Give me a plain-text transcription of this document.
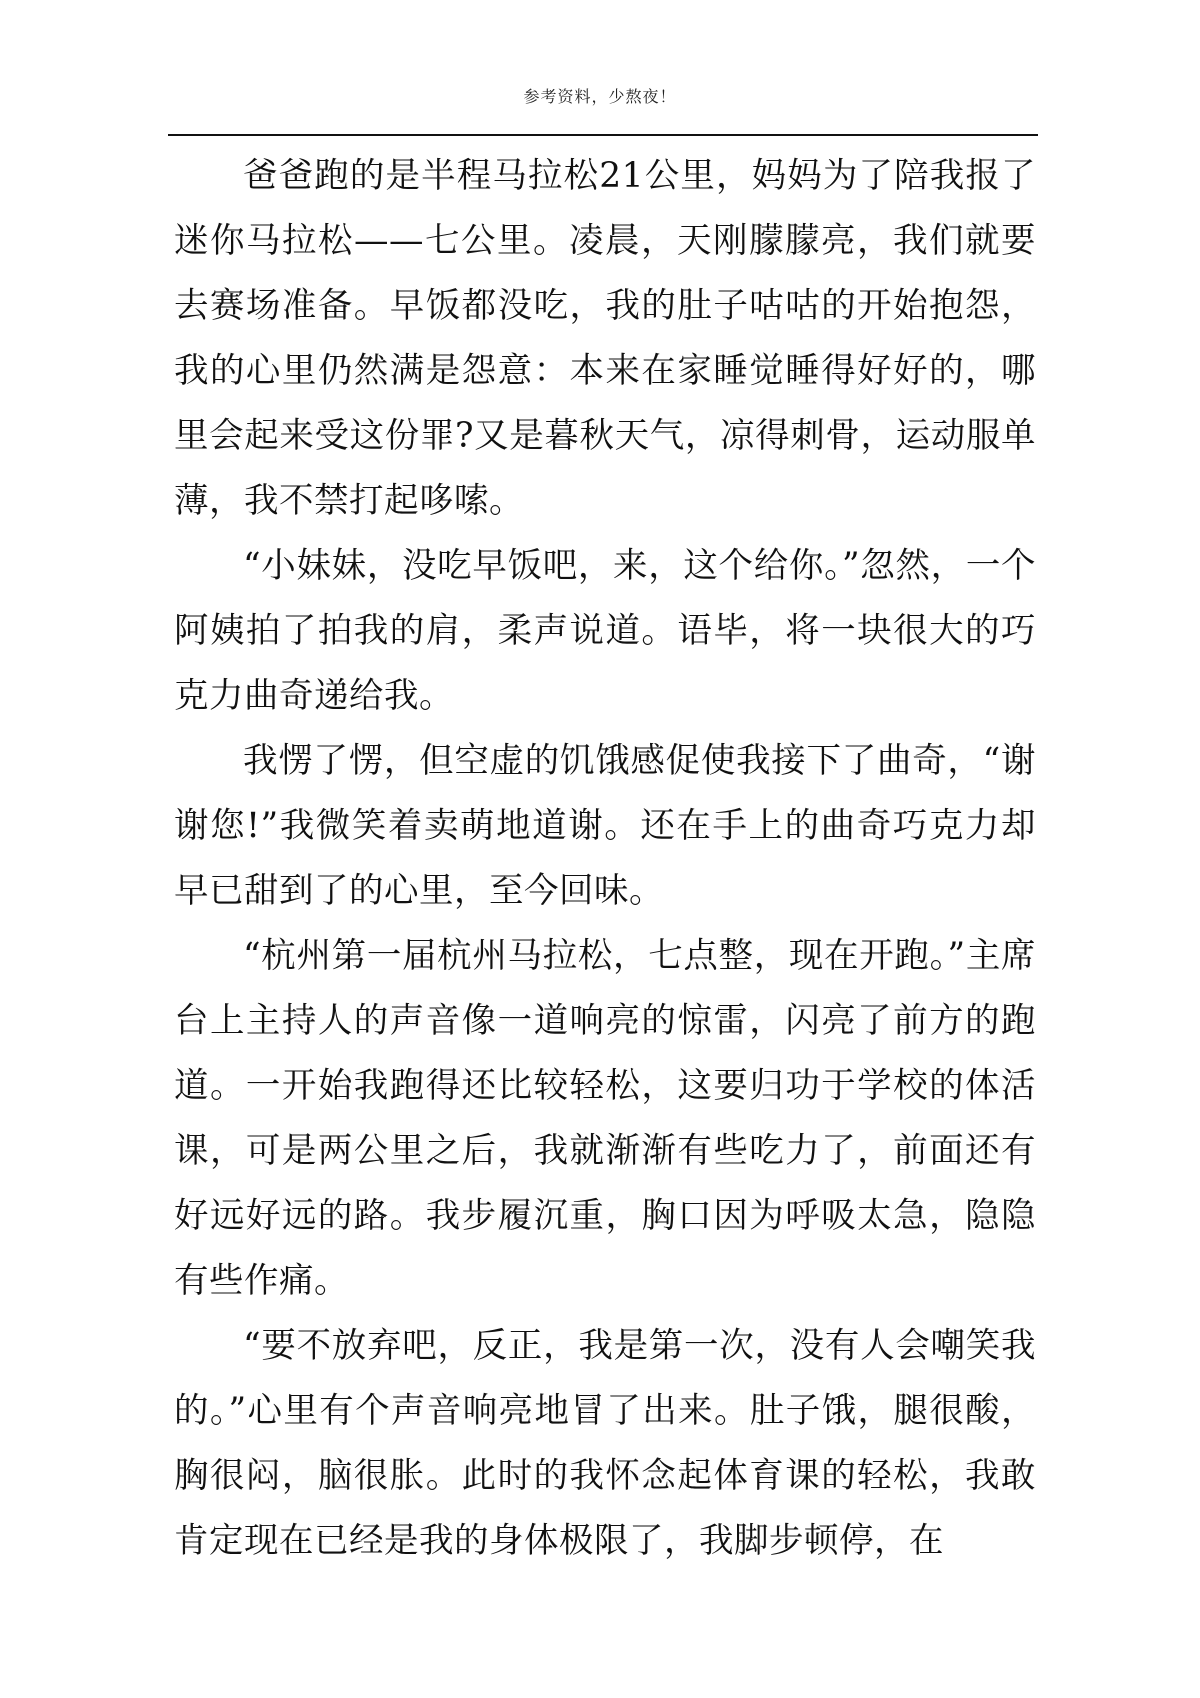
参考资料，少熬夜！

爸爸跑的是半程马拉松21公里，妈妈为了陪我报了迷你马拉松——七公里。凌晨，天刚朦朦亮，我们就要去赛场准备。早饭都没吃，我的肚子咕咕的开始抱怨，我的心里仍然满是怨意：本来在家睡觉睡得好好的，哪里会起来受这份罪?又是暮秋天气，凉得刺骨，运动服单薄，我不禁打起哆嗦。

“小妹妹，没吃早饭吧，来，这个给你。”忽然，一个阿姨拍了拍我的肩，柔声说道。语毕，将一块很大的巧克力曲奇递给我。

我愣了愣，但空虚的饥饿感促使我接下了曲奇，“谢谢您!”我微笑着卖萌地道谢。还在手上的曲奇巧克力却早已甜到了的心里，至今回味。

“杭州第一届杭州马拉松，七点整，现在开跑。”主席台上主持人的声音像一道响亮的惊雷，闪亮了前方的跑道。一开始我跑得还比较轻松，这要归功于学校的体活课，可是两公里之后，我就渐渐有些吃力了，前面还有好远好远的路。我步履沉重，胸口因为呼吸太急，隐隐有些作痛。

“要不放弃吧，反正，我是第一次，没有人会嘲笑我的。”心里有个声音响亮地冒了出来。肚子饿，腿很酸，胸很闷，脑很胀。此时的我怀念起体育课的轻松，我敢肯定现在已经是我的身体极限了，我脚步顿停，在
